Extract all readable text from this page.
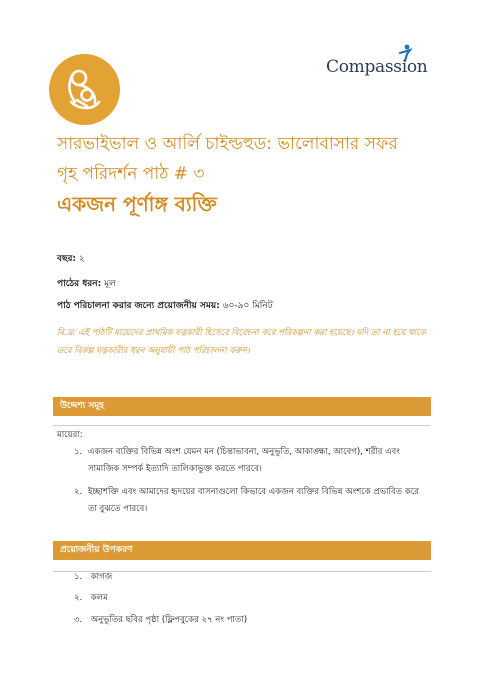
Compassion
সারভাইভাল ও আর্লি চাইল্ডহুড: ভালোবাসার সফর
গৃহ পরিদর্শন পাঠ # ৩
একজন পূর্ণাঙ্গ ব্যক্তি
বছর: ২
পাঠের ধরন: মূল
পাঠ পরিচালনা করার জন্যে প্রয়োজনীয় সময়: ৬০-৯০ মিনিট
বি.দ্র: এই পাঠটি মায়েদের প্রাথমিক যত্নকারী হিসেবে বিবেচনা করে পরিকল্পনা করা হয়েছে। যদি তা না হয়ে থাকে তবে বিকল্প যত্নকারীর ধরন অনুযায়ী পাঠ পরিচালনা করুন।
উদ্দেশ্য সমূহ
মায়েরা:
১. একজন ব্যক্তির বিভিন্ন অংশ যেমন মন (চিন্তাভাবনা, অনুভূতি, আকাঙ্ক্ষা, আবেগ), শরীর এবং সামাজিক সম্পর্ক ইত্যাদি তালিকাভুক্ত করতে পারবে।
২. ইচ্ছাশক্তি এবং আমাদের হৃদয়ের বাসনাগুলো কিভাবে একজন ব্যক্তির বিভিন্ন অংশকে প্রভাবিত করে তা বুঝতে পারবে।
প্রয়োজনীয় উপকরণ
১. কাগজ
২. কলম
৩. অনুভূতির ছবির পৃষ্ঠা (ফ্লিপবুকের ২৭ নং পাতা)
